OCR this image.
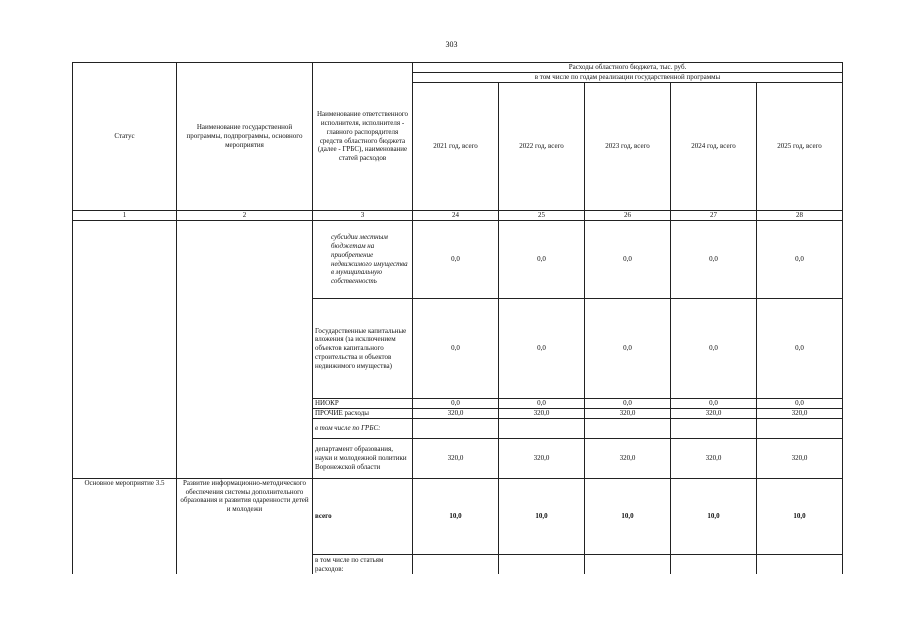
303
Статус	Наименование государственной программы, подпрограммы, основного мероприятия	Наименование ответственного исполнителя, исполнителя - главного распорядителя средств областного бюджета (далее - ГРБС), наименование статей расходов	Расходы областного бюджета, тыс. руб.				
			в том числе по годам реализации государственной программы				
			2021 год, всего	2022 год, всего	2023 год, всего	2024 год, всего	2025 год, всего
1	2	3	24	25	26	27	28
		субсидии местным бюджетам на приобретение недвижимого имущества в муниципальную собственность	0,0	0,0	0,0	0,0	0,0
		Государственные капитальные вложения (за исключением объектов капитального строительства и объектов недвижимого имущества)	0,0	0,0	0,0	0,0	0,0
		НИОКР	0,0	0,0	0,0	0,0	0,0
		ПРОЧИЕ расходы	320,0	320,0	320,0	320,0	320,0
		в том числе по ГРБС:					
		департамент образования, науки и молодежной политики Воронежской области	320,0	320,0	320,0	320,0	320,0
Основное мероприятие 3.5	Развитие информационно-методического обеспечения системы дополнительного образования и развития одаренности детей и молодежи	всего	10,0	10,0	10,0	10,0	10,0
		в том числе по статьям расходов:					
